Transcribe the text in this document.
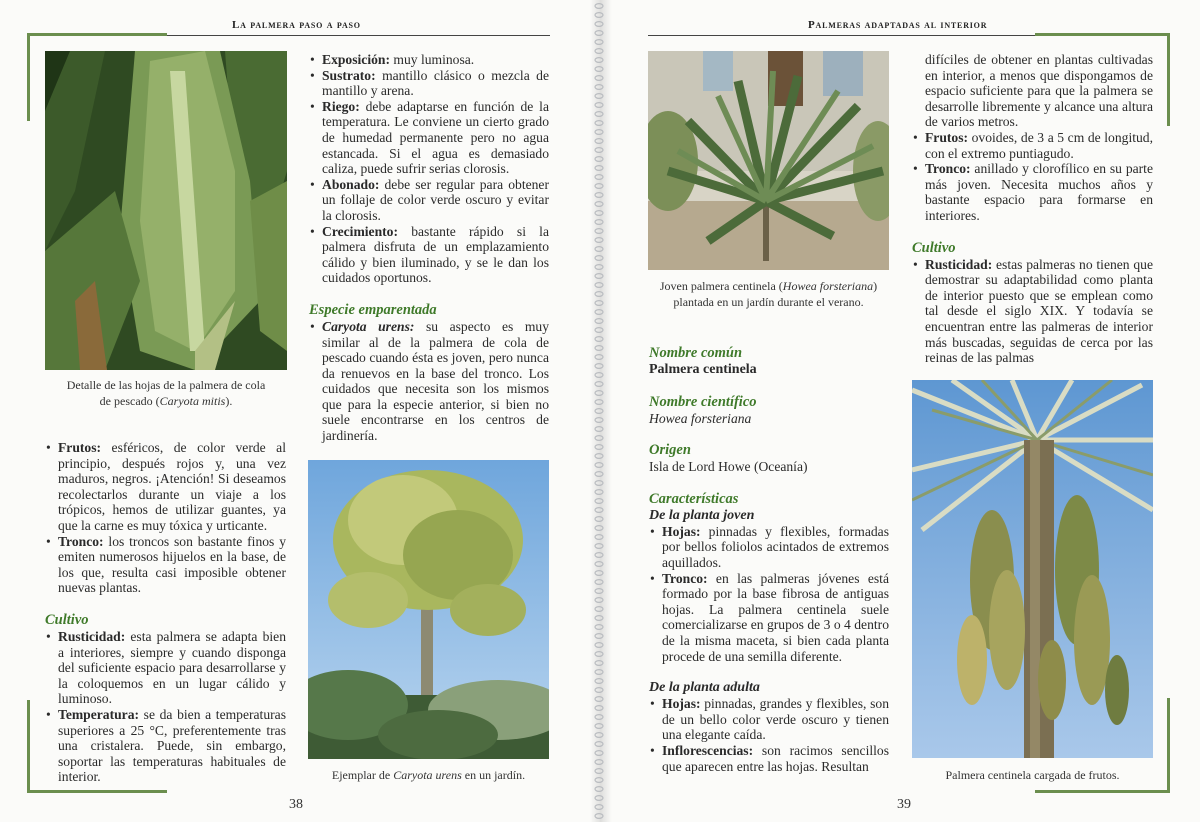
La palmera paso a paso
Detalle de las hojas de la palmera de cola
de pescado (Caryota mitis).

• Exposición: muy luminosa.

• Sustrato: mantillo clásico o mezcla de mantillo y arena.

• Riego: debe adaptarse en función de la temperatura. Le conviene un cierto grado de humedad permanente pero no agua estancada. Si el agua es demasiado caliza, puede sufrir serias clorosis.

• Abonado: debe ser regular para obtener un follaje de color verde oscuro y evitar la clorosis.

• Crecimiento: bastante rápido si la palmera disfruta de un emplazamiento cálido y bien iluminado, y se le dan los cuidados oportunos.

Especie emparentada

• Caryota urens: su aspecto es muy similar al de la palmera de cola de pescado cuando ésta es joven, pero nunca da renuevos en la base del tronco. Los cuidados que necesita son los mismos que para la especie anterior, si bien no suele encontrarse en los centros de jardinería.

Ejemplar de Caryota urens en un jardín.

• Frutos: esféricos, de color verde al principio, después rojos y, una vez maduros, negros. ¡Atención! Si deseamos recolectarlos durante un viaje a los trópicos, hemos de utilizar guantes, ya que la carne es muy tóxica y urticante.

• Tronco: los troncos son bastante finos y emiten numerosos hijuelos en la base, de los que, resulta casi imposible obtener nuevas plantas.

Cultivo

• Rusticidad: esta palmera se adapta bien a interiores, siempre y cuando disponga del suficiente espacio para desarrollarse y la coloquemos en un lugar cálido y luminoso.

• Temperatura: se da bien a temperaturas superiores a 25 °C, preferentemente tras una cristalera. Puede, sin embargo, soportar las temperaturas habituales de interior.

38
Palmeras adaptadas al interior
Joven palmera centinela (Howea forsteriana)
plantada en un jardín durante el verano.

Nombre común

Palmera centinela

Nombre científico

Howea forsteriana

Origen

Isla de Lord Howe (Oceanía)

Características

De la planta joven

• Hojas: pinnadas y flexibles, formadas por bellos foliolos acintados de extremos aquillados.

• Tronco: en las palmeras jóvenes está formado por la base fibrosa de antiguas hojas. La palmera centinela suele comercializarse en grupos de 3 o 4 dentro de la misma maceta, si bien cada planta procede de una semilla diferente.

De la planta adulta

• Hojas: pinnadas, grandes y flexibles, son de un bello color verde oscuro y tienen una elegante caída.

• Inflorescencias: son racimos sencillos que aparecen entre las hojas. Resultan

difíciles de obtener en plantas cultivadas en interior, a menos que dispongamos de espacio suficiente para que la palmera se desarrolle libremente y alcance una altura de varios metros.

• Frutos: ovoides, de 3 a 5 cm de longitud, con el extremo puntiagudo.

• Tronco: anillado y clorofílico en su parte más joven. Necesita muchos años y bastante espacio para formarse en interiores.

Cultivo

• Rusticidad: estas palmeras no tienen que demostrar su adaptabilidad como planta de interior puesto que se emplean como tal desde el siglo XIX. Y todavía se encuentran entre las palmeras de interior más buscadas, seguidas de cerca por las reinas de las palmas

Palmera centinela cargada de frutos.
39
